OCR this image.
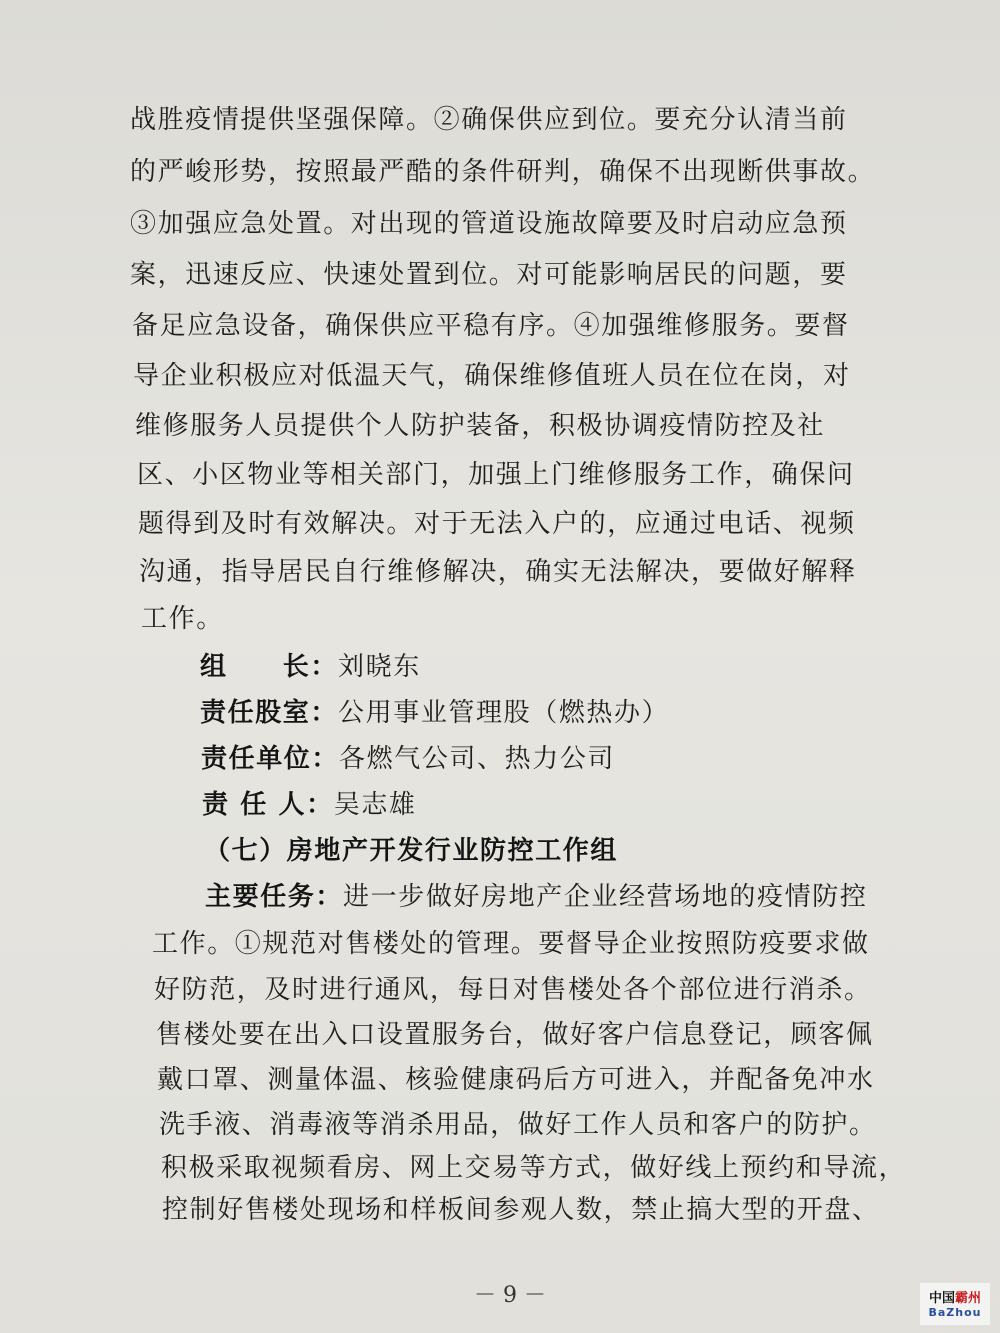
战胜疫情提供坚强保障。②确保供应到位。要充分认清当前
的严峻形势，按照最严酷的条件研判，确保不出现断供事故。
③加强应急处置。对出现的管道设施故障要及时启动应急预
案，迅速反应、快速处置到位。对可能影响居民的问题，要
备足应急设备，确保供应平稳有序。④加强维修服务。要督
导企业积极应对低温天气，确保维修值班人员在位在岗，对
维修服务人员提供个人防护装备，积极协调疫情防控及社
区、小区物业等相关部门，加强上门维修服务工作，确保问
题得到及时有效解决。对于无法入户的，应通过电话、视频
沟通，指导居民自行维修解决，确实无法解决，要做好解释
工作。
组　　长：刘晓东
责任股室：公用事业管理股（燃热办）
责任单位：各燃气公司、热力公司
责 任 人：吴志雄
（七）房地产开发行业防控工作组
主要任务：进一步做好房地产企业经营场地的疫情防控
工作。①规范对售楼处的管理。要督导企业按照防疫要求做
好防范，及时进行通风，每日对售楼处各个部位进行消杀。
售楼处要在出入口设置服务台，做好客户信息登记，顾客佩
戴口罩、测量体温、核验健康码后方可进入，并配备免冲水
洗手液、消毒液等消杀用品，做好工作人员和客户的防护。
积极采取视频看房、网上交易等方式，做好线上预约和导流，
控制好售楼处现场和样板间参观人数，禁止搞大型的开盘、
－ 9 －	中国霸州
BaZhou
